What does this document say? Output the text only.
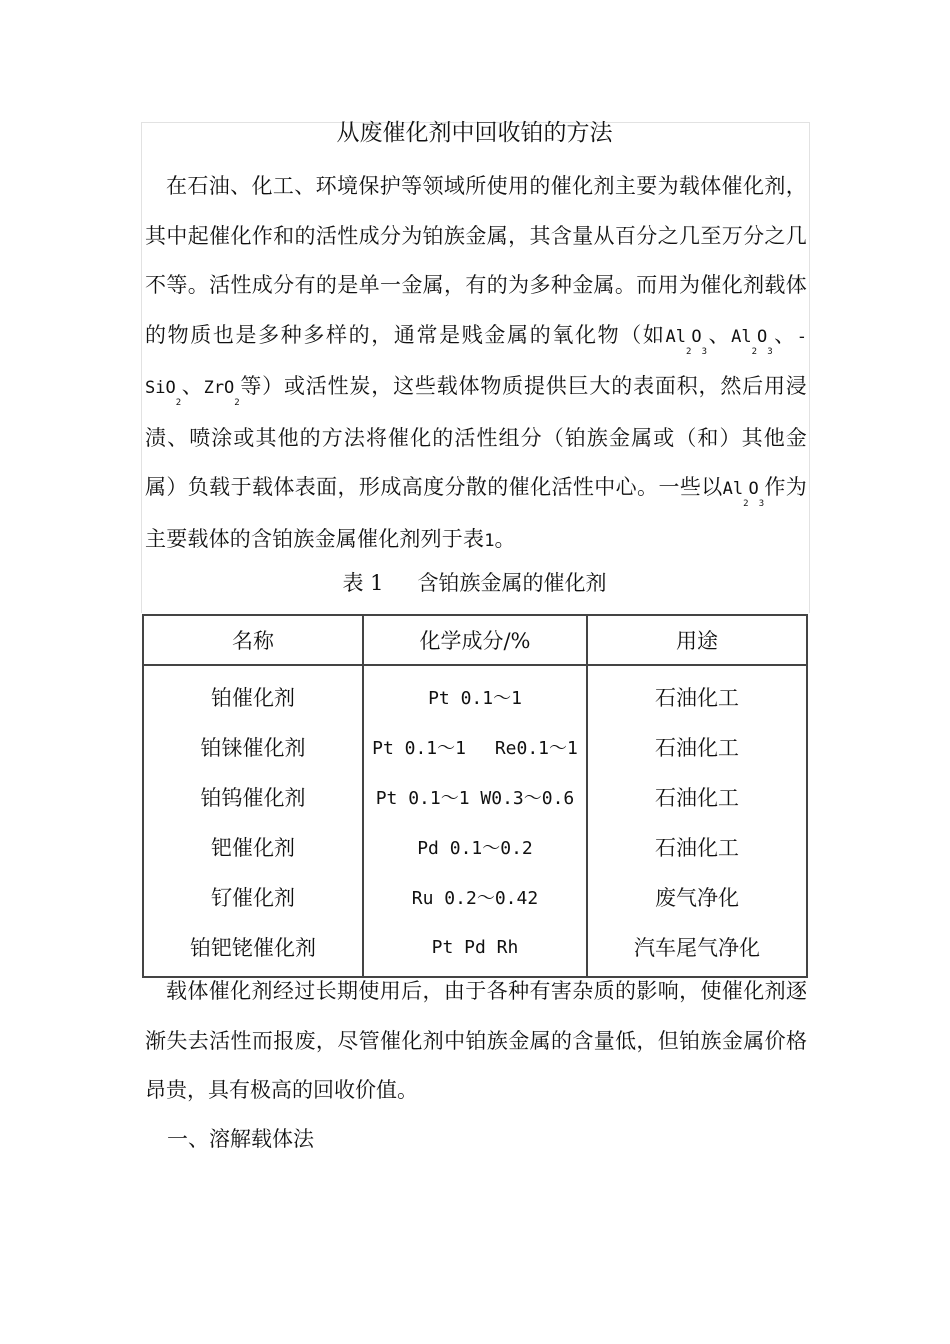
从废催化剂中回收铂的方法

在石油、化工、环境保护等领域所使用的催化剂主要为载体催化剂，其中起催化作和的活性成分为铂族金属，其含量从百分之几至万分之几不等。活性成分有的是单一金属，有的为多种金属。而用为催化剂载体的物质也是多种多样的，通常是贱金属的氧化物（如$Al_2O_3$、$Al_2O_3$、-SiO$_2$、ZrO$_2$等）或活性炭，这些载体物质提供巨大的表面积，然后用浸渍、喷涂或其他的方法将催化的活性组分（铂族金属或（和）其他金属）负载于载体表面，形成高度分散的催化活性中心。一些以$Al_2O_3$作为主要载体的含铂族金属催化剂列于表1。

表 1 含铂族金属的催化剂
名称	化学成分/%	用途
铂催化剂	Pt 0.1～1	石油化工
铂铼催化剂	Pt 0.1～1　 Re0.1～1	石油化工
铂钨催化剂	Pt 0.1～1 W0.3～0.6	石油化工
钯催化剂	Pd 0.1～0.2	石油化工
钌催化剂	Ru 0.2～0.42	废气净化
铂钯铑催化剂	Pt Pd Rh	汽车尾气净化

载体催化剂经过长期使用后，由于各种有害杂质的影响，使催化剂逐渐失去活性而报废，尽管催化剂中铂族金属的含量低，但铂族金属价格昂贵，具有极高的回收价值。

一、溶解载体法
